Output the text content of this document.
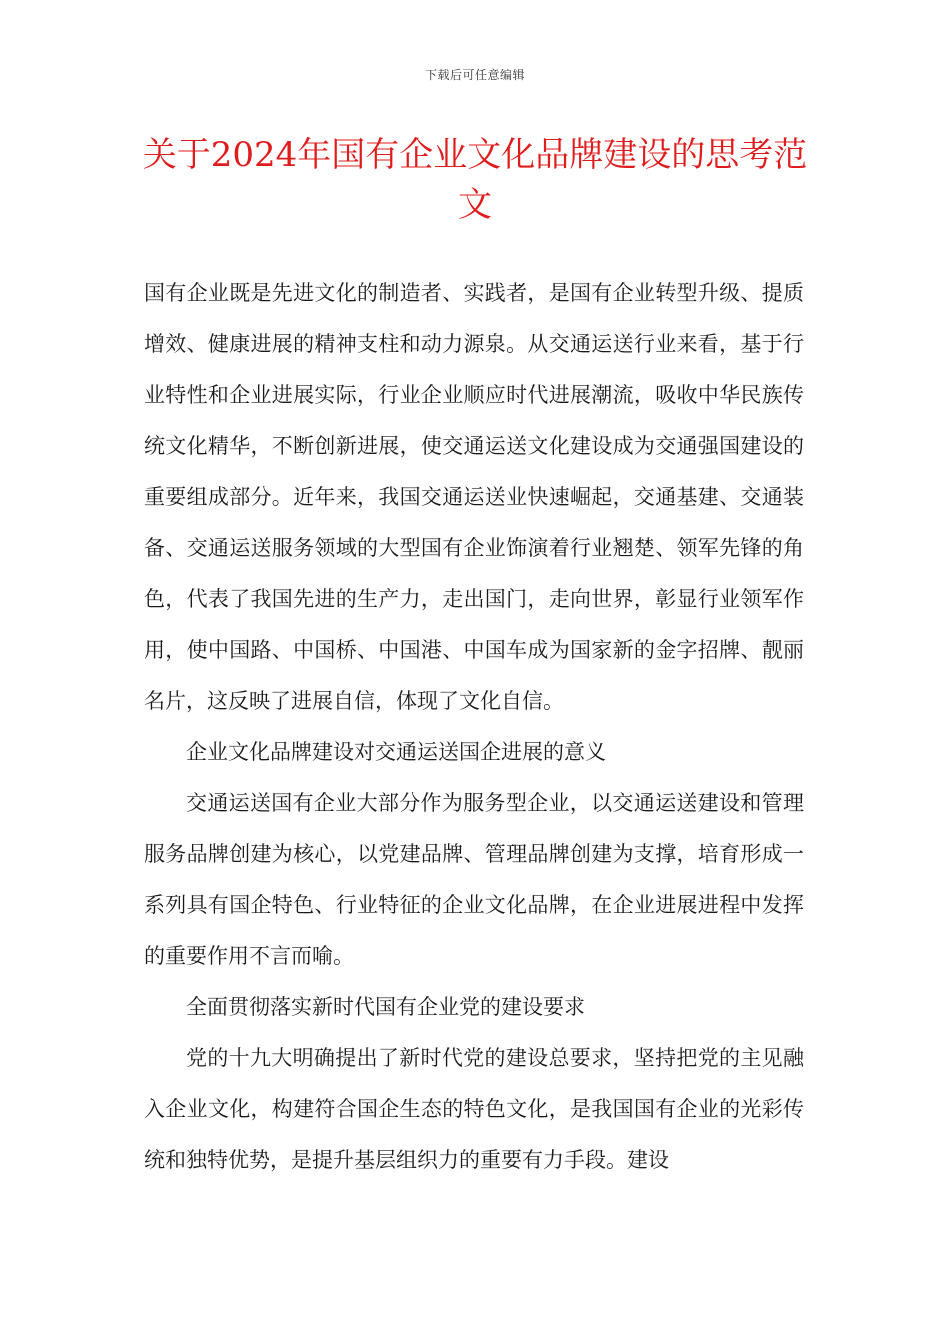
下载后可任意编辑
关于2024年国有企业文化品牌建设的思考范文

国有企业既是先进文化的制造者、实践者，是国有企业转型升级、提质增效、健康进展的精神支柱和动力源泉。从交通运送行业来看，基于行业特性和企业进展实际，行业企业顺应时代进展潮流，吸收中华民族传统文化精华，不断创新进展，使交通运送文化建设成为交通强国建设的重要组成部分。近年来，我国交通运送业快速崛起，交通基建、交通装备、交通运送服务领域的大型国有企业饰演着行业翘楚、领军先锋的角色，代表了我国先进的生产力，走出国门，走向世界，彰显行业领军作用，使中国路、中国桥、中国港、中国车成为国家新的金字招牌、靓丽名片，这反映了进展自信，体现了文化自信。

企业文化品牌建设对交通运送国企进展的意义

交通运送国有企业大部分作为服务型企业，以交通运送建设和管理服务品牌创建为核心，以党建品牌、管理品牌创建为支撑，培育形成一系列具有国企特色、行业特征的企业文化品牌，在企业进展进程中发挥的重要作用不言而喻。

全面贯彻落实新时代国有企业党的建设要求

党的十九大明确提出了新时代党的建设总要求，坚持把党的主见融入企业文化，构建符合国企生态的特色文化，是我国国有企业的光彩传统和独特优势，是提升基层组织力的重要有力手段。建设
